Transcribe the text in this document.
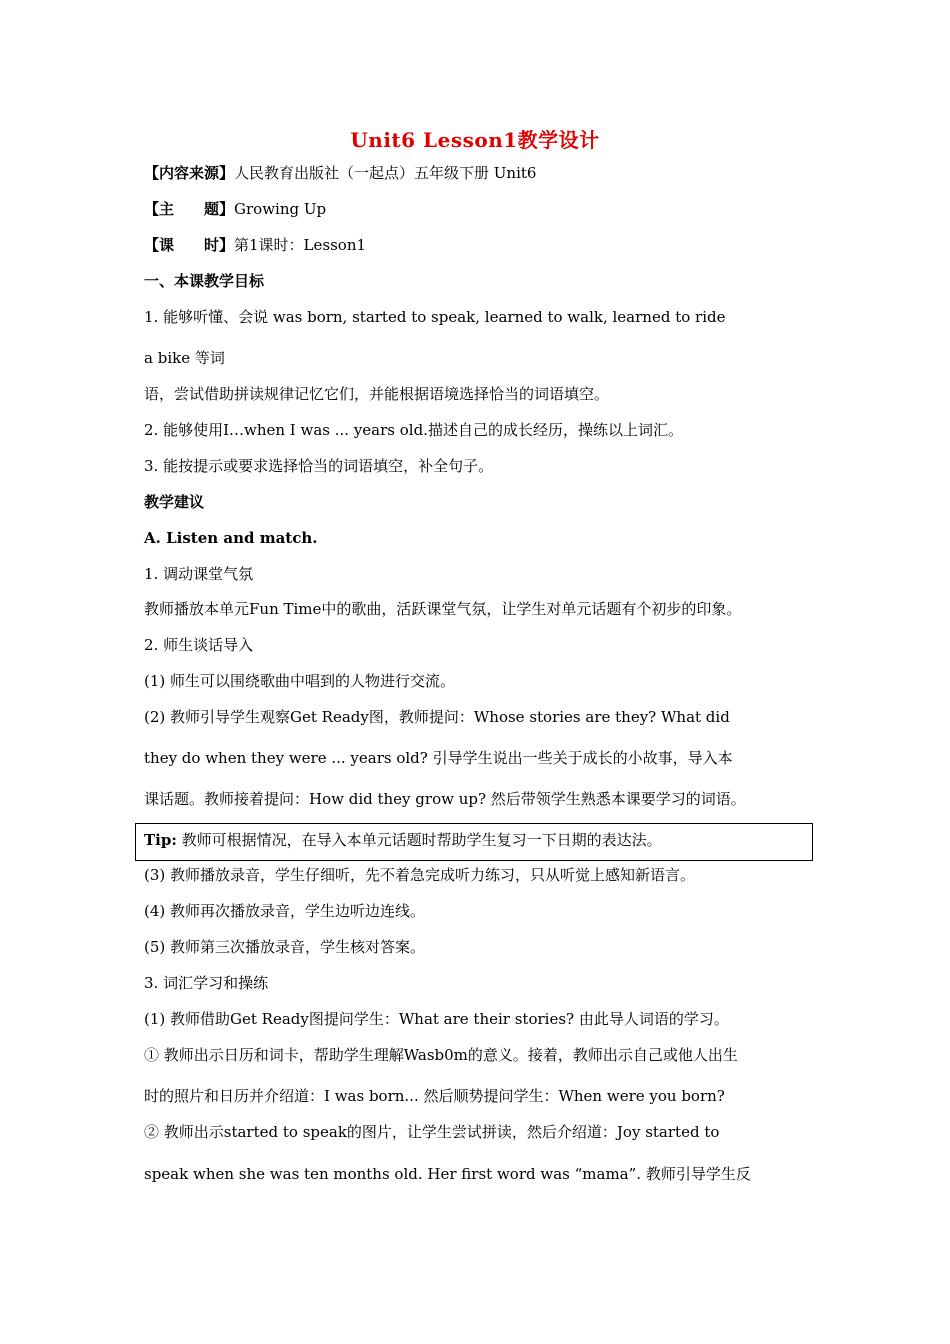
Unit6 Lesson1教学设计
【内容来源】人民教育出版社（一起点）五年级下册 Unit6
【主　　题】Growing Up
【课　　时】第1课时：Lesson1
一、本课教学目标
1. 能够听懂、会说 was born, started to speak, learned to walk, learned to ride
a bike 等词
语，尝试借助拼读规律记忆它们，并能根据语境选择恰当的词语填空。
2. 能够使用I…when I was ... years old.描述自己的成长经历，操练以上词汇。
3. 能按提示或要求选择恰当的词语填空，补全句子。
教学建议
A. Listen and match.
1. 调动课堂气氛
教师播放本单元Fun Time中的歌曲，活跃课堂气氛，让学生对单元话题有个初步的印象。
2. 师生谈话导入
(1) 师生可以围绕歌曲中唱到的人物进行交流。
(2) 教师引导学生观察Get Ready图，教师提问：Whose stories are they? What did
they do when they were ... years old? 引导学生说出一些关于成长的小故事，导入本
课话题。教师接着提问：How did they grow up? 然后带领学生熟悉本课要学习的词语。
Tip: 教师可根据情况，在导入本单元话题时帮助学生复习一下日期的表达法。
(3) 教师播放录音，学生仔细听，先不着急完成听力练习，只从听觉上感知新语言。
(4) 教师再次播放录音，学生边听边连线。
(5) 教师第三次播放录音，学生核对答案。
3. 词汇学习和操练
(1) 教师借助Get Ready图提问学生：What are their stories? 由此导人词语的学习。
① 教师出示日历和词卡，帮助学生理解Wasb0m的意义。接着，教师出示自己或他人出生
时的照片和日历并介绍道：I was born... 然后顺势提问学生：When were you born?
② 教师出示started to speak的图片，让学生尝试拼读，然后介绍道：Joy started to
speak when she was ten months old. Her first word was “mama”. 教师引导学生反
